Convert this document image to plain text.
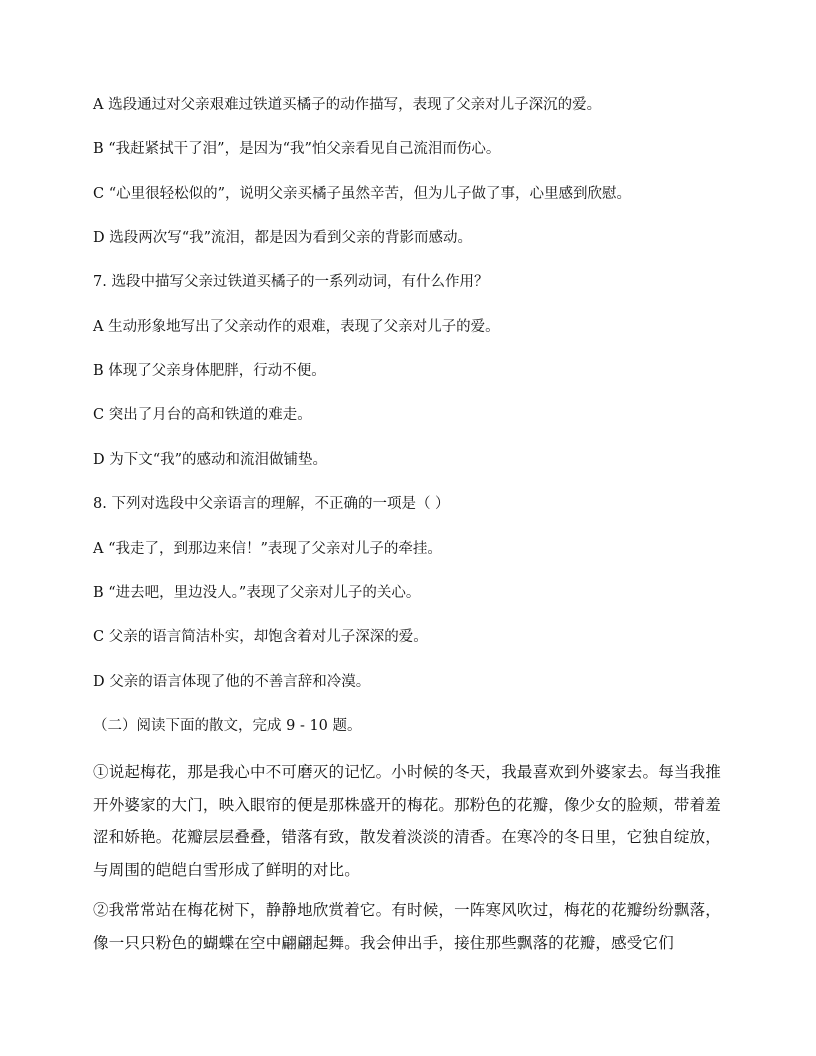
A 选段通过对父亲艰难过铁道买橘子的动作描写，表现了父亲对儿子深沉的爱。
B “我赶紧拭干了泪”，是因为“我”怕父亲看见自己流泪而伤心。
C “心里很轻松似的”，说明父亲买橘子虽然辛苦，但为儿子做了事，心里感到欣慰。
D 选段两次写“我”流泪，都是因为看到父亲的背影而感动。
7. 选段中描写父亲过铁道买橘子的一系列动词，有什么作用？
A 生动形象地写出了父亲动作的艰难，表现了父亲对儿子的爱。
B 体现了父亲身体肥胖，行动不便。
C 突出了月台的高和铁道的难走。
D 为下文“我”的感动和流泪做铺垫。
8. 下列对选段中父亲语言的理解，不正确的一项是（ ）
A “我走了，到那边来信！”表现了父亲对儿子的牵挂。
B “进去吧，里边没人。”表现了父亲对儿子的关心。
C 父亲的语言简洁朴实，却饱含着对儿子深深的爱。
D 父亲的语言体现了他的不善言辞和冷漠。
（二）阅读下面的散文，完成 9 - 10 题。
①说起梅花，那是我心中不可磨灭的记忆。小时候的冬天，我最喜欢到外婆家去。每当我推开外婆家的大门，映入眼帘的便是那株盛开的梅花。那粉色的花瓣，像少女的脸颊，带着羞涩和娇艳。花瓣层层叠叠，错落有致，散发着淡淡的清香。在寒冷的冬日里，它独自绽放，与周围的皑皑白雪形成了鲜明的对比。
②我常常站在梅花树下，静静地欣赏着它。有时候，一阵寒风吹过，梅花的花瓣纷纷飘落，像一只只粉色的蝴蝶在空中翩翩起舞。我会伸出手，接住那些飘落的花瓣，感受它们
